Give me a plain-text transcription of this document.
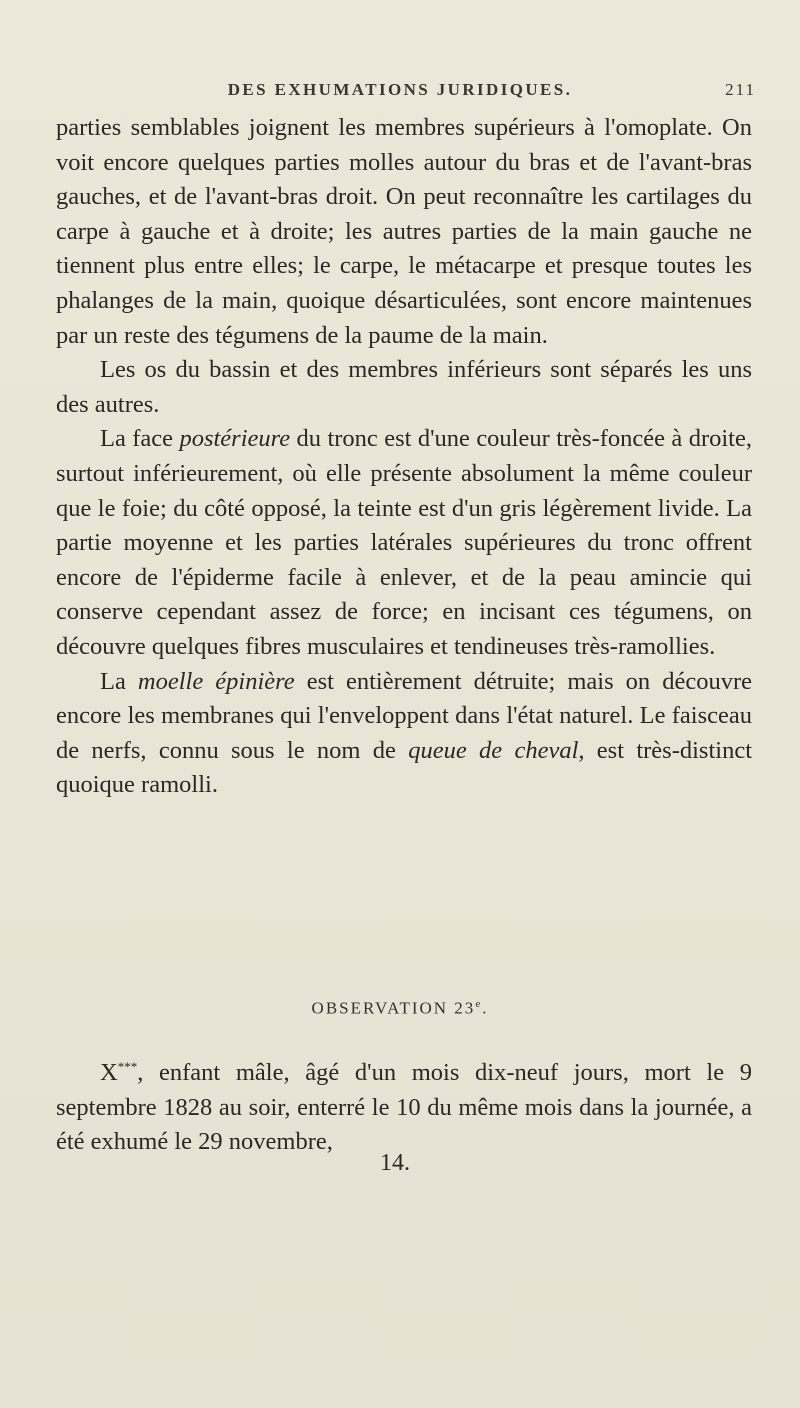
DES EXHUMATIONS JURIDIQUES.	211

parties semblables joignent les membres supérieurs à l'omoplate. On voit encore quelques parties molles autour du bras et de l'avant-bras gauches, et de l'avant-bras droit. On peut reconnaître les cartilages du carpe à gauche et à droite; les autres parties de la main gauche ne tiennent plus entre elles; le carpe, le métacarpe et presque toutes les phalanges de la main, quoique désarticulées, sont encore maintenues par un reste des tégumens de la paume de la main.

Les os du bassin et des membres inférieurs sont séparés les uns des autres.

La face postérieure du tronc est d'une couleur très-foncée à droite, surtout inférieurement, où elle présente absolument la même couleur que le foie; du côté opposé, la teinte est d'un gris légèrement livide. La partie moyenne et les parties latérales supérieures du tronc offrent encore de l'épiderme facile à enlever, et de la peau amincie qui conserve cependant assez de force; en incisant ces tégumens, on découvre quelques fibres musculaires et tendineuses très-ramollies.

La moelle épinière est entièrement détruite; mais on découvre encore les membranes qui l'enveloppent dans l'état naturel. Le faisceau de nerfs, connu sous le nom de queue de cheval, est très-distinct quoique ramolli.

OBSERVATION 23e.

X***, enfant mâle, âgé d'un mois dix-neuf jours, mort le 9 septembre 1828 au soir, enterré le 10 du même mois dans la journée, a été exhumé le 29 novembre,

14.
